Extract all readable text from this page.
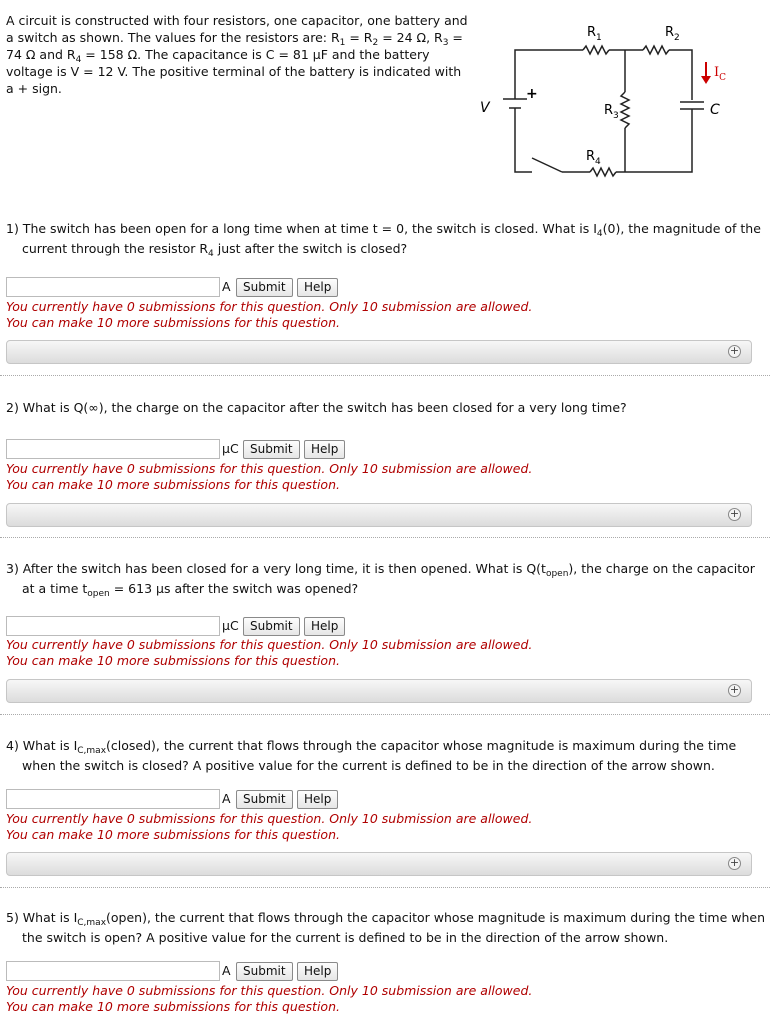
A circuit is constructed with four resistors, one capacitor, one battery and a switch as shown. The values for the resistors are: $R_1 = R_2 = 24$ Ω, $R_3 = 74$ Ω and $R_4 = 158$ Ω. The capacitance is C = 81 μF and the battery voltage is V = 12 V. The positive terminal of the battery is indicated with a + sign.
$R_1$	$R_2$
$R_3$
$R_4$
V
+
C
$I_C$
1) The switch has been open for a long time when at time t = 0, the switch is closed. What is $I_4(0)$, the magnitude of the current through the resistor $R_4$ just after the switch is closed?
A	Submit	Help
You currently have 0 submissions for this question. Only 10 submission are allowed.
You can make 10 more submissions for this question.
+
2) What is Q(∞), the charge on the capacitor after the switch has been closed for a very long time?
μC Submit	Help
You currently have 0 submissions for this question. Only 10 submission are allowed.
You can make 10 more submissions for this question.
+
3) After the switch has been closed for a very long time, it is then opened. What is $Q(t_{open})$, the charge on the capacitor at a time $t_{open} = 613$ μs after the switch was opened?
μC Submit	Help
You currently have 0 submissions for this question. Only 10 submission are allowed.
You can make 10 more submissions for this question.
+
4) What is $I_{C,max}(closed)$, the current that flows through the capacitor whose magnitude is maximum during the time when the switch is closed? A positive value for the current is defined to be in the direction of the arrow shown.
A	Submit	Help
You currently have 0 submissions for this question. Only 10 submission are allowed.
You can make 10 more submissions for this question.
+
5) What is $I_{C,max}(open)$, the current that flows through the capacitor whose magnitude is maximum during the time when the switch is open? A positive value for the current is defined to be in the direction of the arrow shown.
A	Submit	Help
You currently have 0 submissions for this question. Only 10 submission are allowed.
You can make 10 more submissions for this question.
